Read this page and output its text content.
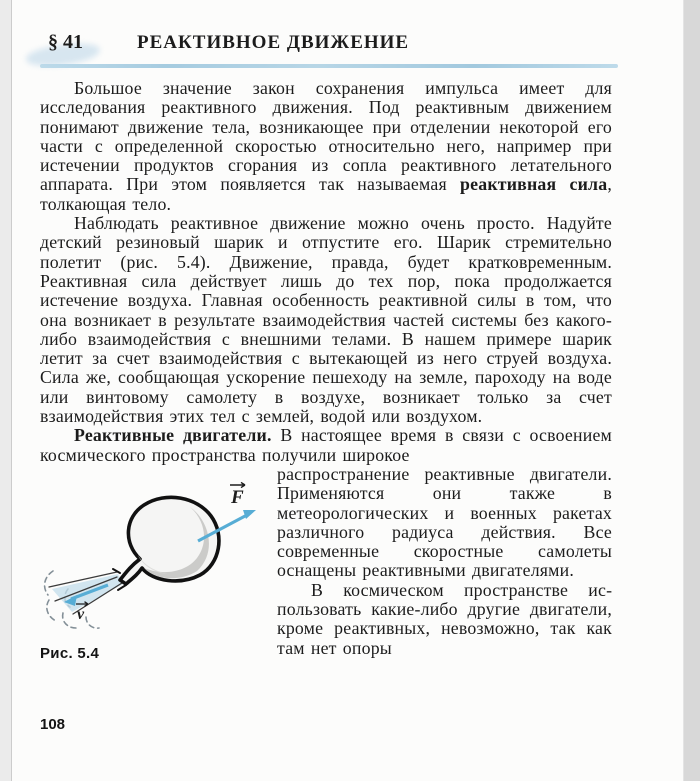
§ 41	РЕАКТИВНОЕ ДВИЖЕНИЕ

Большое значение закон сохранения импульса имеет для исследования реактивного движения. Под реактивным движением понимают движение тела, возникающее при отделении некоторой его части с определенной скоростью относительно него, например при истечении продуктов сгорания из сопла реактивного летательного аппарата. При этом появляется так называемая реактивная сила, толкающая тело.

Наблюдать реактивное движение можно очень просто. Надуйте детский резиновый шарик и отпустите его. Шарик стремительно полетит (рис. 5.4). Движение, правда, будет кратковременным. Реактивная сила действует лишь до тех пор, пока продолжается истечение воздуха. Главная особенность реактивной силы в том, что она возникает в результате взаимодействия частей системы без какого-либо взаимодействия с внешними телами. В нашем примере шарик летит за счет взаимодействия с вытекающей из него струей воздуха. Сила же, сообщающая ускорение пешеходу на земле, пароходу на воде или винтовому самолету в воздухе, возникает только за счет взаимодействия этих тел с землей, водой или воздухом.

Реактивные двигатели. В настоящее время в связи с освоением космического пространства получили широкое

F
v
Рис. 5.4

распространение реактивные двигатели. Применяются они также в метеорологических и военных ракетах различного радиуса действия. Все современные скоростные самолеты оснащены реактивными двигателями.

В космическом пространстве использовать какие-либо другие двигатели, кроме реактивных, невозможно, так как там нет опоры

108
